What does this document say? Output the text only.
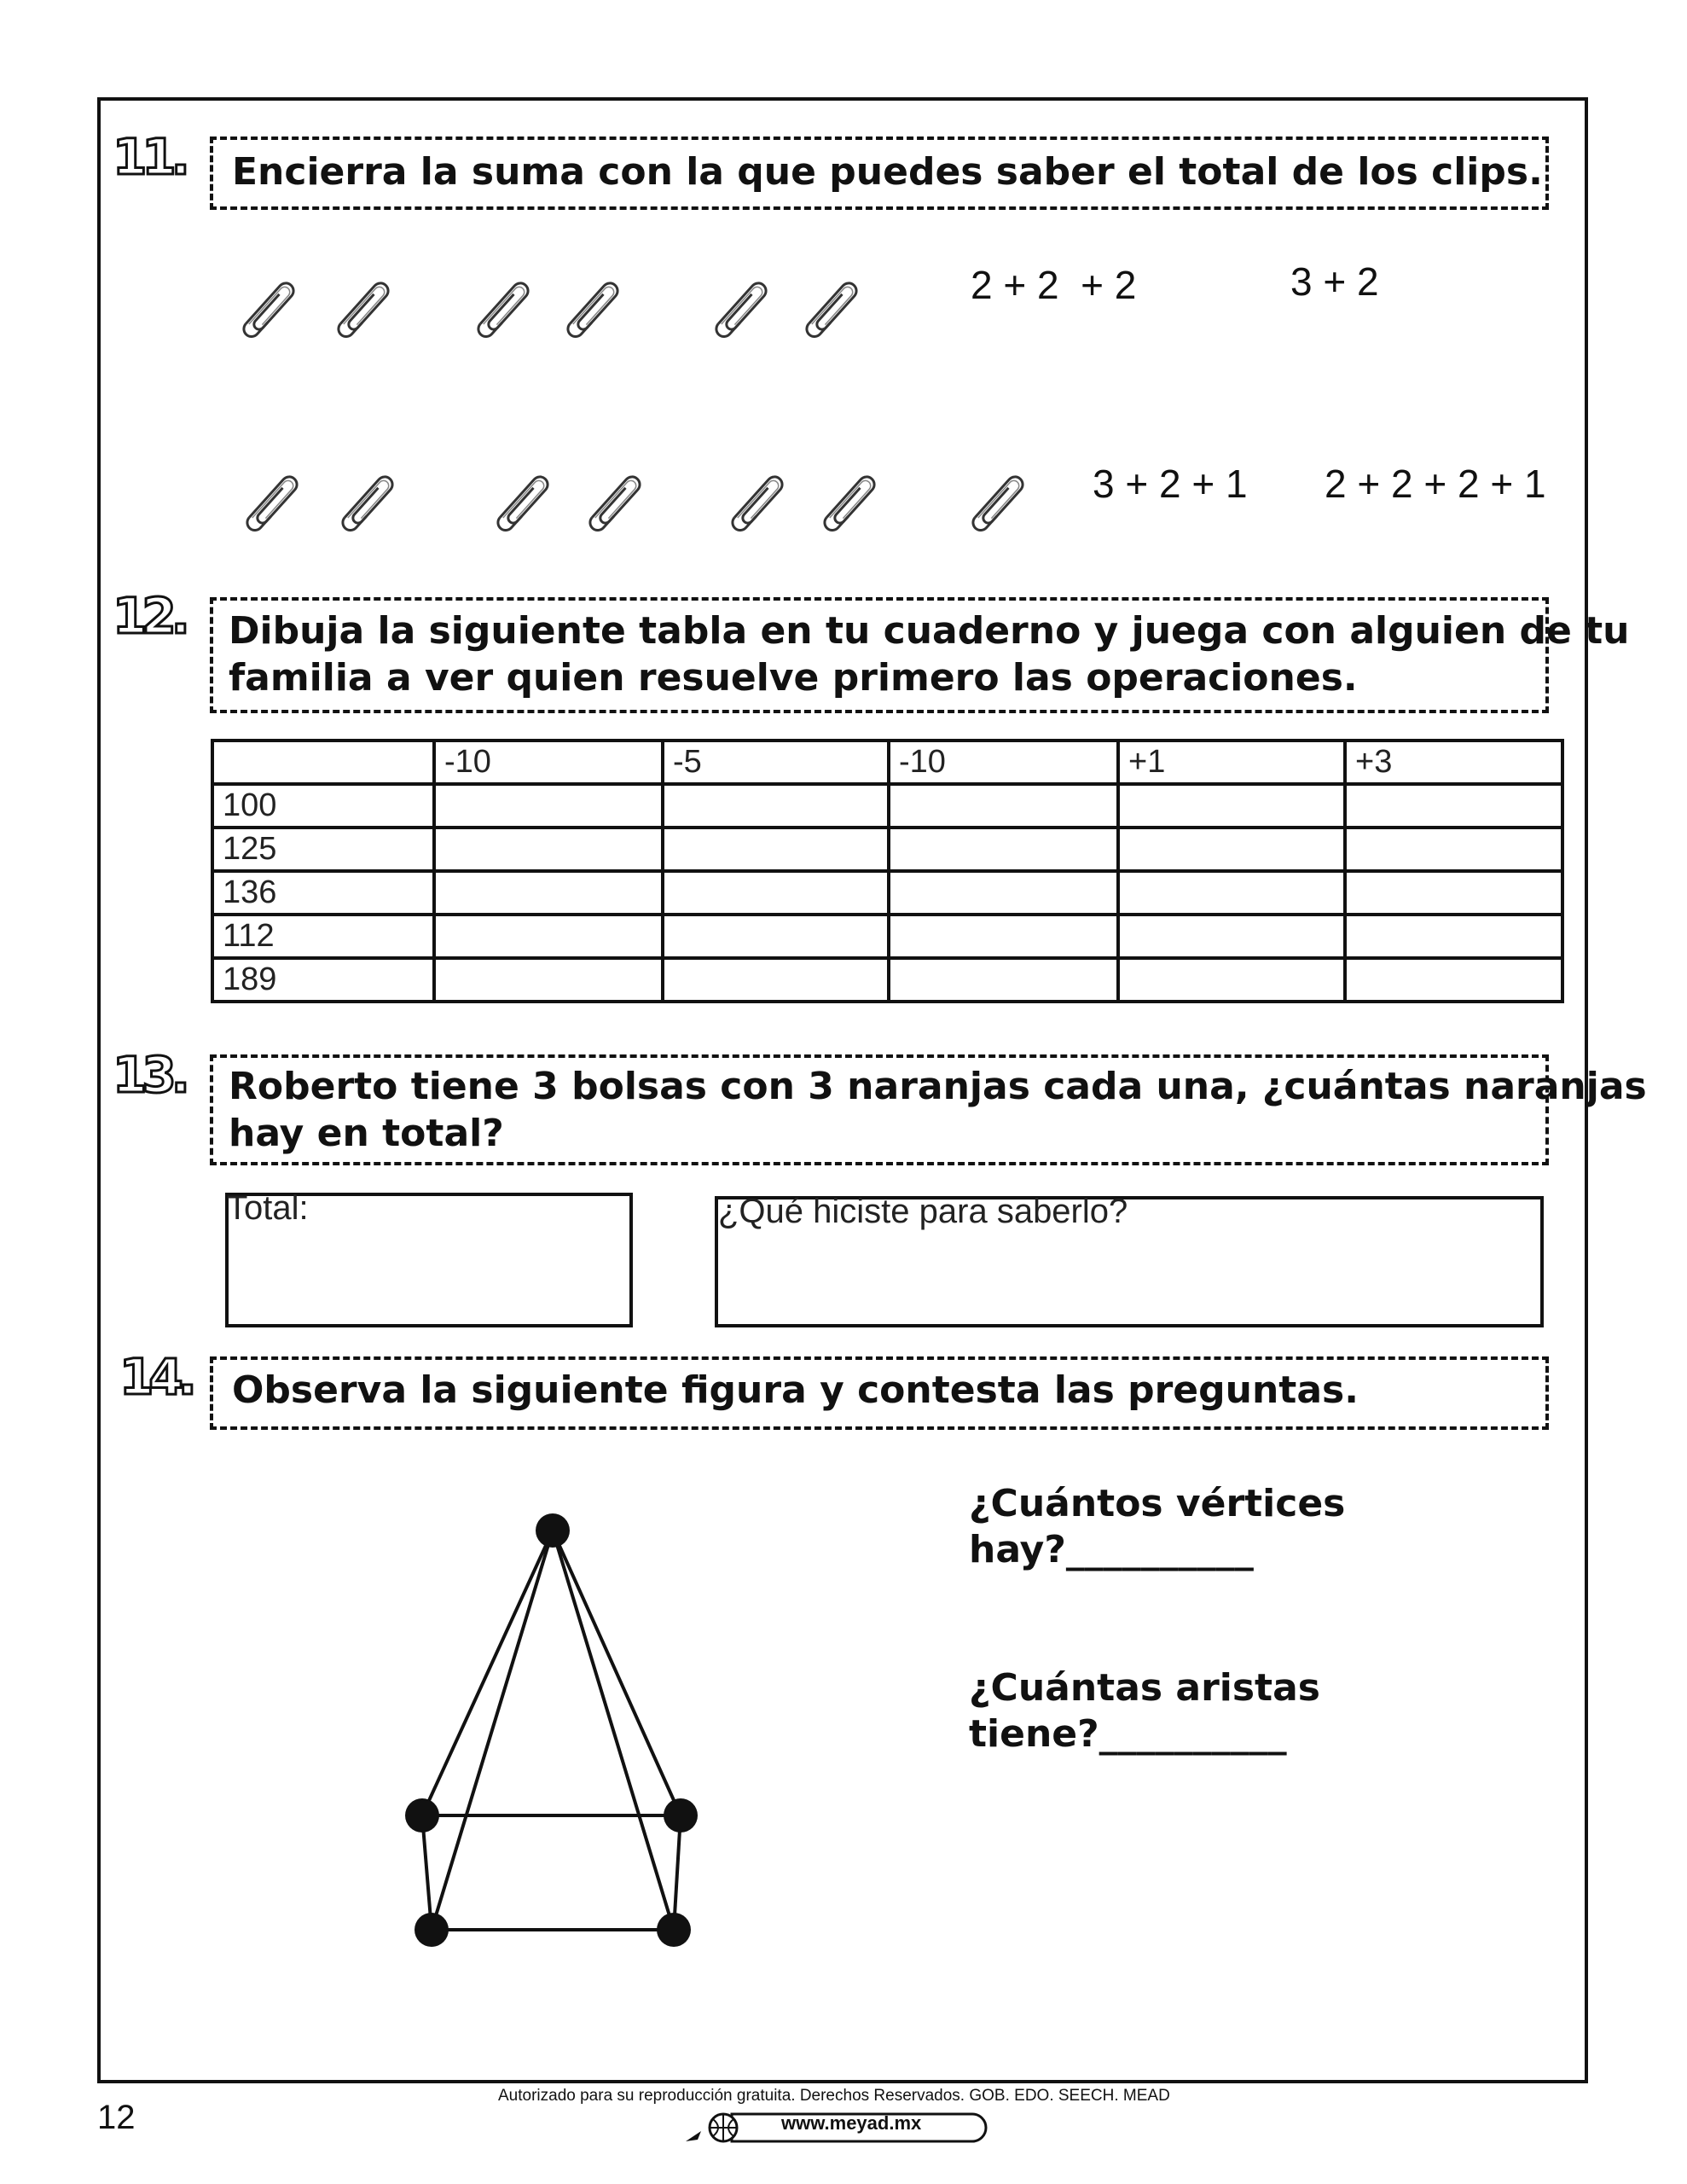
11. Encierra la suma con la que puedes saber el total de los clips.
2 + 2  + 2	3 + 2
3 + 2 + 1 2 + 2 + 2 + 1
12. Dibuja la siguiente tabla en tu cuaderno y juega con alguien de tu
familia a ver quien resuelve primero las operaciones.
	-10	-5	-10	+1	+3
100					
125					
136					
112					
189					
13. Roberto tiene 3 bolsas con 3 naranjas cada una, ¿cuántas naranjas
hay en total?
Total:	¿Qué hiciste para saberlo?
14. Observa la siguiente figura y contesta las preguntas.
¿Cuántos vértices
hay?__________
¿Cuántas aristas
tiene?__________
12
Autorizado para su reproducción gratuita. Derechos Reservados. GOB. EDO. SEECH. MEAD
www.meyad.mx
